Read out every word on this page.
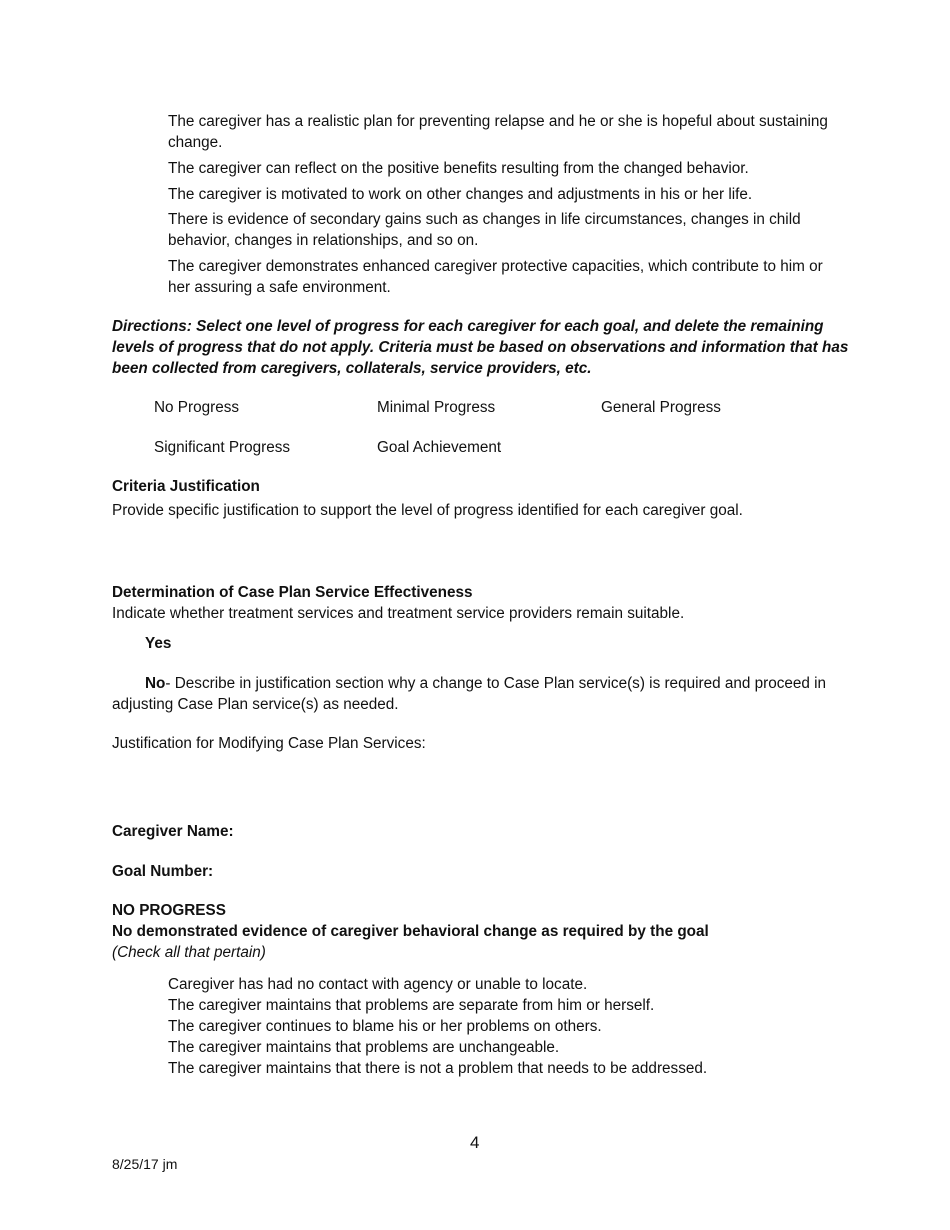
The caregiver has a realistic plan for preventing relapse and he or she is hopeful about sustaining change.

The caregiver can reflect on the positive benefits resulting from the changed behavior.

The caregiver is motivated to work on other changes and adjustments in his or her life.

There is evidence of secondary gains such as changes in life circumstances, changes in child behavior, changes in relationships, and so on.

The caregiver demonstrates enhanced caregiver protective capacities, which contribute to him or her assuring a safe environment.

Directions: Select one level of progress for each caregiver for each goal, and delete the remaining levels of progress that do not apply. Criteria must be based on observations and information that has been collected from caregivers, collaterals, service providers, etc.

No Progress	Minimal Progress	General Progress
Significant Progress	Goal Achievement

Criteria Justification

Provide specific justification to support the level of progress identified for each caregiver goal.

Determination of Case Plan Service Effectiveness

Indicate whether treatment services and treatment service providers remain suitable.

Yes

No- Describe in justification section why a change to Case Plan service(s) is required and proceed in adjusting Case Plan service(s) as needed.

Justification for Modifying Case Plan Services:

Caregiver Name:

Goal Number:

NO PROGRESS

No demonstrated evidence of caregiver behavioral change as required by the goal

(Check all that pertain)

Caregiver has had no contact with agency or unable to locate.
The caregiver maintains that problems are separate from him or herself.
The caregiver continues to blame his or her problems on others.
The caregiver maintains that problems are unchangeable.
The caregiver maintains that there is not a problem that needs to be addressed.
4
8/25/17 jm
